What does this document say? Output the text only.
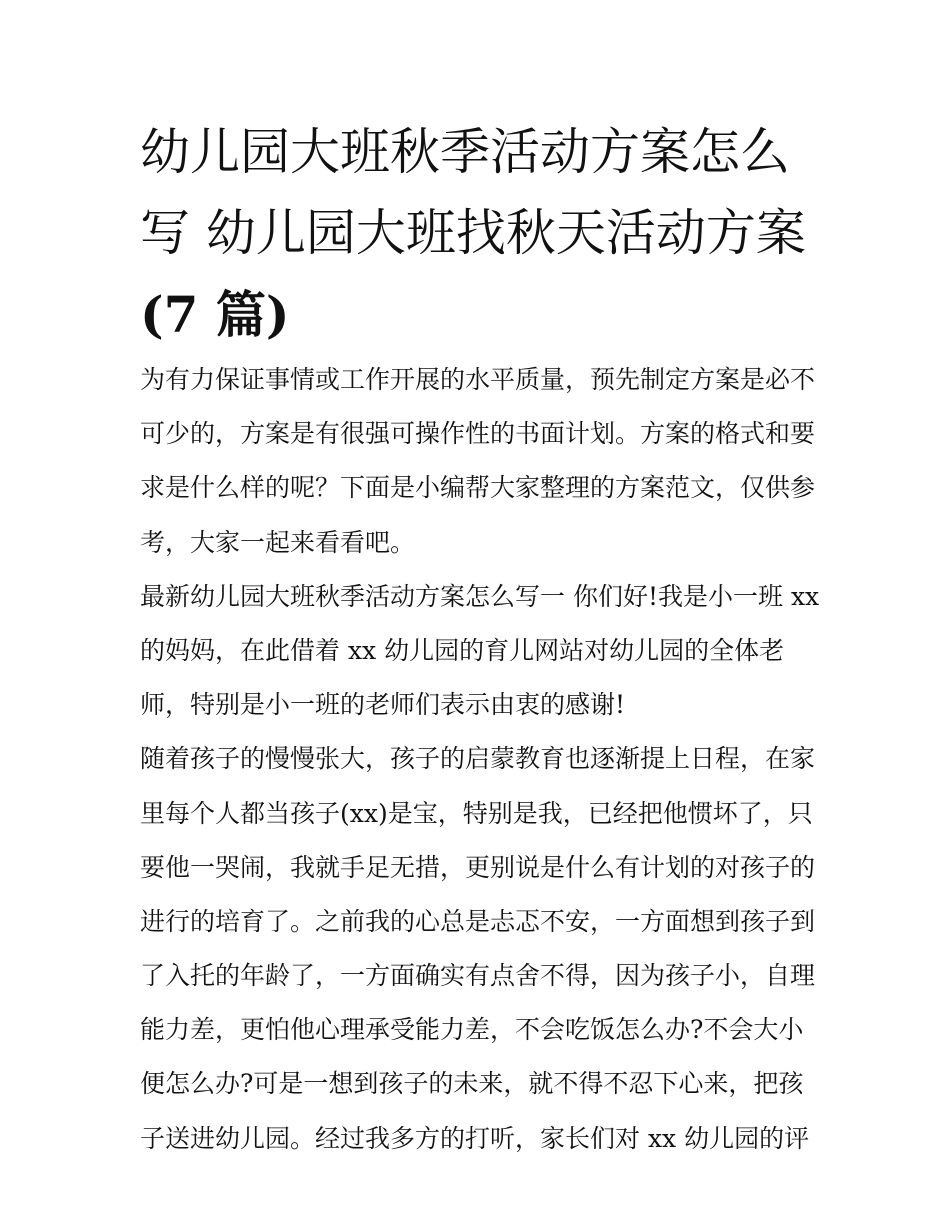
幼儿园大班秋季活动方案怎么
写 幼儿园大班找秋天活动方案
(7 篇)
为有力保证事情或工作开展的水平质量，预先制定方案是必不
可少的，方案是有很强可操作性的书面计划。方案的格式和要
求是什么样的呢？下面是小编帮大家整理的方案范文，仅供参
考，大家一起来看看吧。
最新幼儿园大班秋季活动方案怎么写一 你们好!我是小一班 xx
的妈妈，在此借着 xx 幼儿园的育儿网站对幼儿园的全体老
师，特别是小一班的老师们表示由衷的感谢!
随着孩子的慢慢张大，孩子的启蒙教育也逐渐提上日程，在家
里每个人都当孩子(xx)是宝，特别是我，已经把他惯坏了，只
要他一哭闹，我就手足无措，更别说是什么有计划的对孩子的
进行的培育了。之前我的心总是忐忑不安，一方面想到孩子到
了入托的年龄了，一方面确实有点舍不得，因为孩子小，自理
能力差，更怕他心理承受能力差，不会吃饭怎么办?不会大小
便怎么办?可是一想到孩子的未来，就不得不忍下心来，把孩
子送进幼儿园。经过我多方的打听，家长们对 xx 幼儿园的评
